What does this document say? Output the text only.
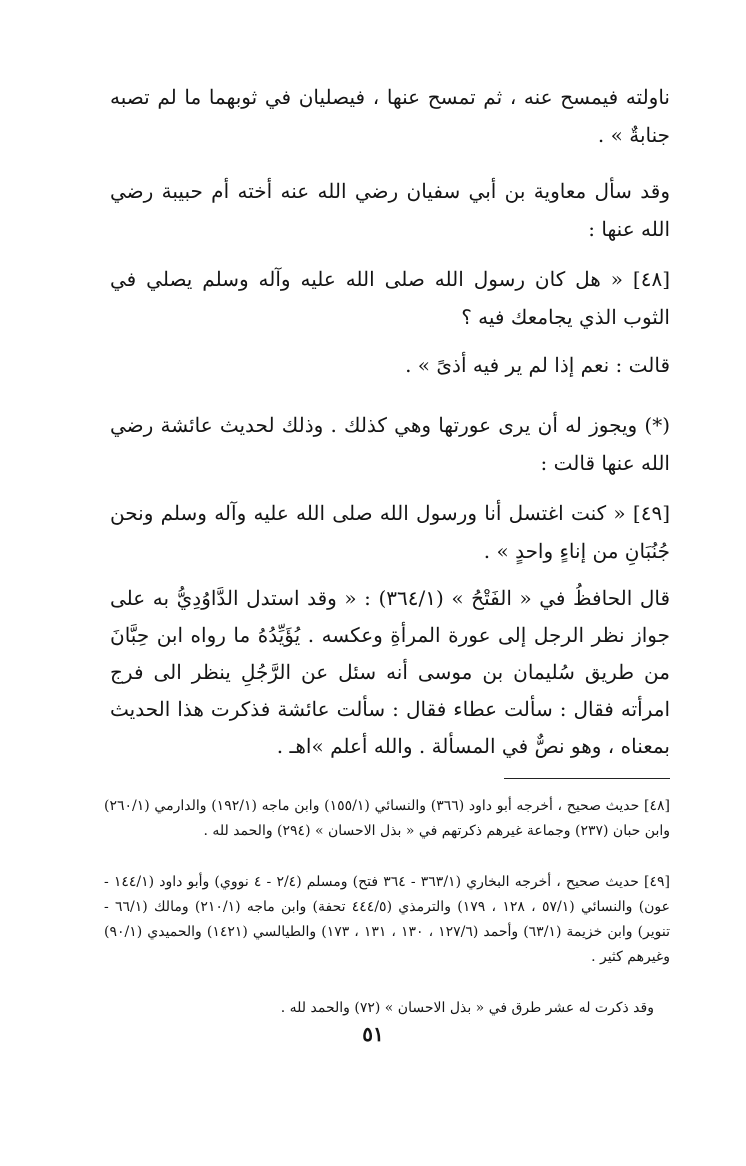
ناولته فيمسح عنه ، ثم تمسح عنها ، فيصليان في ثوبهما ما لم تصبه جنابةٌ » .

وقد سأل معاوية بن أبي سفيان رضي الله عنه أخته أم حبيبة رضي الله عنها :

[٤٨] « هل كان رسول الله صلى الله عليه وآله وسلم يصلي في الثوب الذي يجامعك فيه ؟

قالت : نعم إذا لم ير فيه أذىً » .

(*) ويجوز له أن يرى عورتها وهي كذلك . وذلك لحديث عائشة رضي الله عنها قالت :

[٤٩] « كنت اغتسل أنا ورسول الله صلى الله عليه وآله وسلم ونحن جُنُبَانِ من إناءٍ واحدٍ » .

قال الحافظُ في « الفَتْحُ » (٣٦٤/١) : « وقد استدل الدَّاوُدِيُّ به على جواز نظر الرجل إلى عورة المرأةِ وعكسه . يُؤَيِّدُهُ ما رواه ابن حِبَّانَ من طريق سُليمان بن موسى أنه سئل عن الرَّجُلِ ينظر الى فرج امرأته فقال : سألت عطاء فقال : سألت عائشة فذكرت هذا الحديث بمعناه ، وهو نصٌّ في المسألة . والله أعلم »اهـ .

[٤٨] حديث صحيح ، أخرجه أبو داود (٣٦٦) والنسائي (١٥٥/١) وابن ماجه (١٩٢/١) والدارمي (٢٦٠/١) وابن حبان (٢٣٧) وجماعة غيرهم ذكرتهم في « بذل الاحسان » (٢٩٤) والحمد لله .

[٤٩] حديث صحيح ، أخرجه البخاري (٣٦٣/١ - ٣٦٤ فتح) ومسلم (٢/٤ - ٤ نووي) وأبو داود (١٤٤/١ - عون) والنسائي (٥٧/١ ، ١٢٨ ، ١٧٩) والترمذي (٤٤٤/٥ تحفة) وابن ماجه (٢١٠/١) ومالك (٦٦/١ - تنوير) وابن خزيمة (٦٣/١) وأحمد (١٢٧/٦ ، ١٣٠ ، ١٣١ ، ١٧٣) والطيالسي (١٤٢١) والحميدي (٩٠/١) وغيرهم كثير .

وقد ذكرت له عشر طرق في « بذل الاحسان » (٧٢) والحمد لله .

٥١
